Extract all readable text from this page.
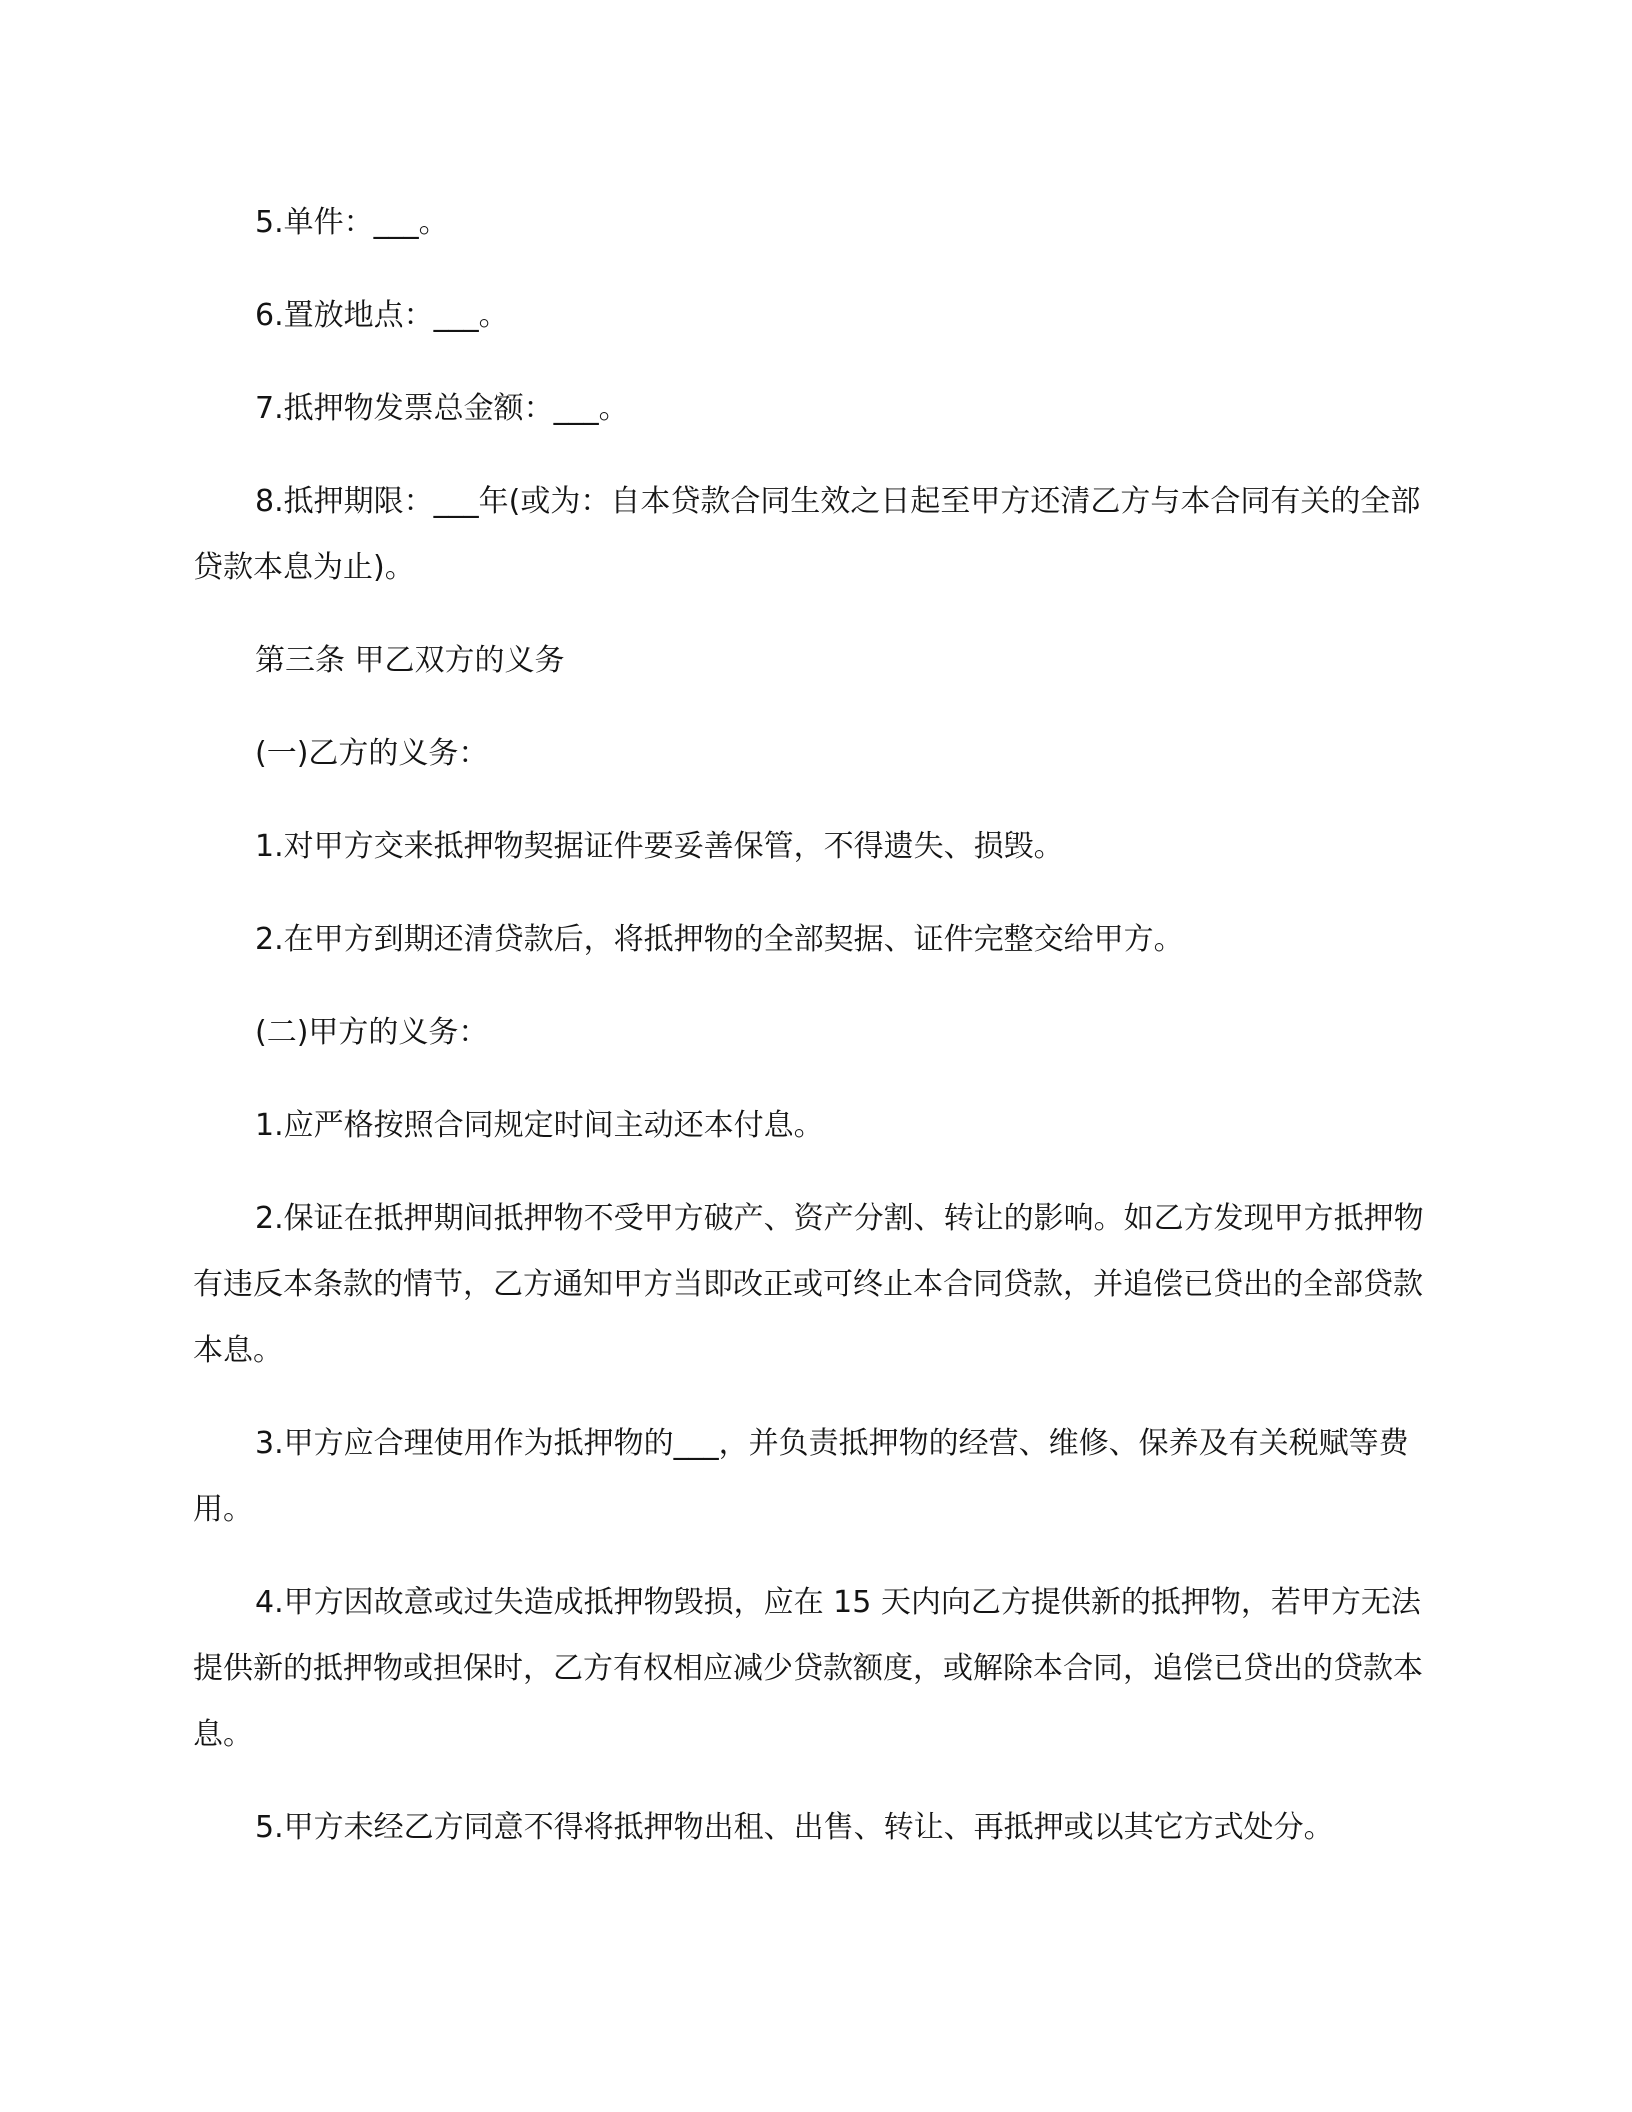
5.单件：___。

6.置放地点：___。

7.抵押物发票总金额：___。

8.抵押期限：___年(或为：自本贷款合同生效之日起至甲方还清乙方与本合同有关的全部贷款本息为止)。

第三条 甲乙双方的义务

(一)乙方的义务：

1.对甲方交来抵押物契据证件要妥善保管，不得遗失、损毁。

2.在甲方到期还清贷款后，将抵押物的全部契据、证件完整交给甲方。

(二)甲方的义务：

1.应严格按照合同规定时间主动还本付息。

2.保证在抵押期间抵押物不受甲方破产、资产分割、转让的影响。如乙方发现甲方抵押物有违反本条款的情节，乙方通知甲方当即改正或可终止本合同贷款，并追偿已贷出的全部贷款本息。

3.甲方应合理使用作为抵押物的___，并负责抵押物的经营、维修、保养及有关税赋等费用。

4.甲方因故意或过失造成抵押物毁损，应在 15 天内向乙方提供新的抵押物，若甲方无法提供新的抵押物或担保时，乙方有权相应减少贷款额度，或解除本合同，追偿已贷出的贷款本息。

5.甲方未经乙方同意不得将抵押物出租、出售、转让、再抵押或以其它方式处分。
